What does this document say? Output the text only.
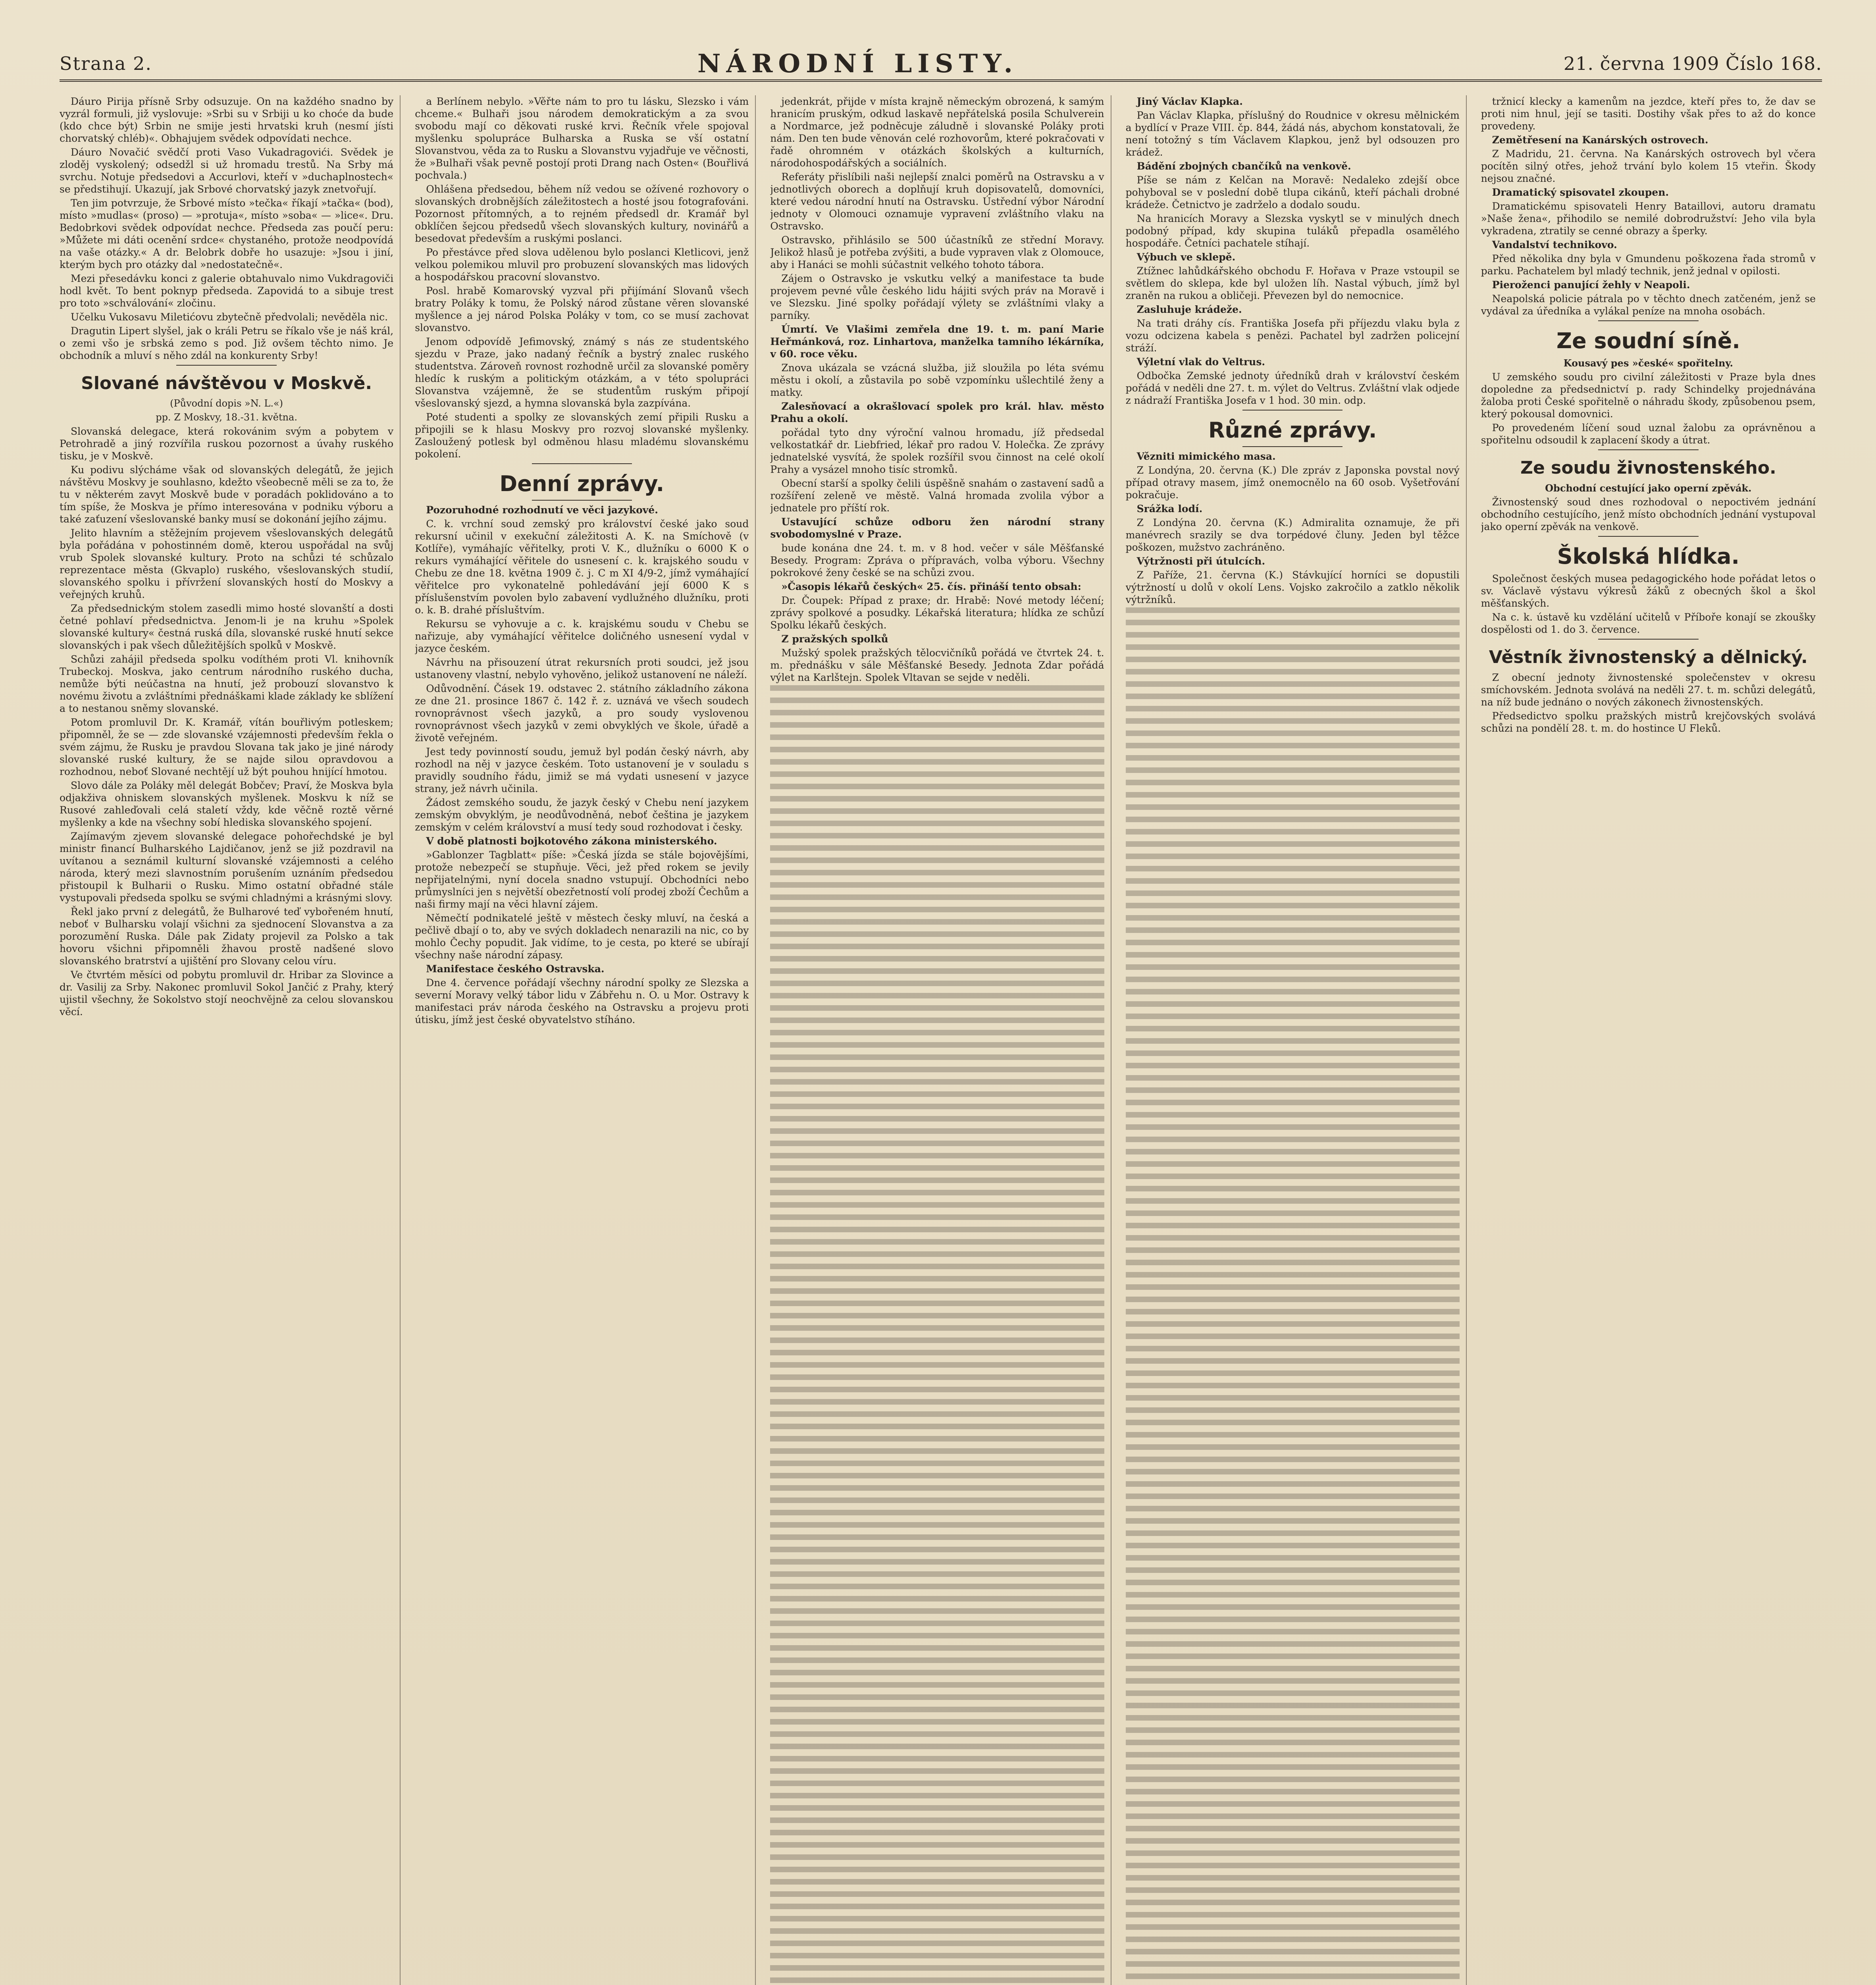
Strana 2.	NÁRODNÍ LISTY.	21. června 1909 Číslo 168.

Dáuro Pirija přísně Srby odsuzuje. On na každého snadno by vyzrál formuli, již vyslovuje: »Srbi su v Srbiji u ko choće da bude (kdo chce být) Srbin ne smije jesti hrvatski kruh (nesmí jísti chorvatský chléb)«. Obhajujem svědek odpovídati nechce.

Dáuro Novačić svědčí proti Vaso Vukadragovići. Svědek je zloděj vyskolený; odsedžl si už hromadu trestů. Na Srby má svrchu. Notuje předsedovi a Accurlovi, kteří v »duchaplnostech« se předstihují. Ukazují, jak Srbové chorvatský jazyk znetvořují.

Ten jim potvrzuje, že Srbové místo »tečka« říkají »tačka« (bod), místo »mudlas« (proso) — »protuja«, místo »soba« — »lice«. Dru. Bedobrkovi svědek odpovídat nechce. Předseda zas poučí peru: »Můžete mi dáti ocenění srdce« chystaného, protože neodpovídá na vaše otázky.« A dr. Belobrk dobře ho usazuje: »Jsou i jiní, kterým bych pro otázky dal »nedostatečně«.

Mezi přesedávku konci z galerie obtahuvalo nimo Vukdragoviči hodl květ. To bent poknyp předseda. Zapovidá to a sibuje trest pro toto »schválování« zločinu.

Učelku Vukosavu Miletićovu zbytečně předvolali; nevěděla nic.

Dragutin Lipert slyšel, jak o králi Petru se říkalo vše je náš král, o zemi všo je srbská zemo s pod. Již ovšem těchto nimo. Je obchodník a mluví s něho zdál na konkurenty Srby!

Slované návštěvou v Moskvě.
(Původní dopis »N. L.«)
pp. Z Moskvy, 18.-31. května.

Slovanská delegace, která rokovánim svým a pobytem v Petrohradě a jiný rozvířila ruskou pozornost a úvahy ruského tisku, je v Moskvě.

Ku podivu slýcháme však od slovanských delegátů, že jejich návštěvu Moskvy je souhlasno, kdežto všeobecně měli se za to, že tu v některém zavyt Moskvě bude v poradách poklidováno a to tím spíše, že Moskva je přímo interesována v podniku výboru a také zaťuzení všeslovanské banky musí se dokonání jejího zájmu.

Jelito hlavním a stěžejním projevem všeslovanských delegátů byla pořádána v pohostinném domě, kterou uspořádal na svůj vrub Spolek slovanské kultury. Proto na schůzi té schůzalo reprezentace města (Gkvaplo) ruského, všeslovanských studií, slovanského spolku i přívržení slovanských hostí do Moskvy a veřejných kruhů.

Za předsednickým stolem zasedli mimo hosté slovanští a dosti četné pohlaví předsednictva. Jenom-li je na kruhu »Spolek slovanské kultury« čestná ruská díla, slovanské ruské hnutí sekce slovanských i pak všech důležitějších spolků v Moskvě.

Schůzi zahájil předseda spolku vodíthém proti Vl. knihovník Trubeckoj. Moskva, jako centrum národního ruského ducha, nemůže býti neúčastna na hnutí, jež probouzí slovanstvo k novému životu a zvláštními přednáškami klade základy ke sblížení a to nestanou sněmy slovanské.

Potom promluvil Dr. K. Kramář, vítán bouřlivým potleskem; připomněl, že se — zde slovanské vzájemnosti především řekla o svém zájmu, že Rusku je pravdou Slovana tak jako je jiné národy slovanské ruské kultury, že se najde silou opravdovou a rozhodnou, neboť Slované nechtějí už být pouhou hnijící hmotou.

Slovo dále za Poláky měl delegát Bobčev; Praví, že Moskva byla odjakživa ohniskem slovanských myšlenek. Moskvu k níž se Rusové zahleďovali celá staletí vždy, kde věčně roztě věrné myšlenky a kde na všechny sobí hlediska slovanského spojení.

Zajímavým zjevem slovanské delegace pohořechdské je byl ministr financí Bulharského Lajdičanov, jenž se již pozdravil na uvítanou a seznámil kulturní slovanské vzájemnosti a celého národa, který mezi slavnostním porušením uznáním předsedou přistoupil k Bulharii o Rusku. Mimo ostatní obřadné stále vystupovali předseda spolku se svými chladnými a krásnými slovy.

Řekl jako první z delegátů, že Bulharové teď vybořeném hnutí, neboť v Bulharsku volají všichni za sjednocení Slovanstva a za porozumění Ruska. Dále pak Zidaty projevil za Polsko a tak hovoru všichni připomněli žhavou prostě nadšené slovo slovanského bratrství a ujištění pro Slovany celou víru.

Ve čtvrtém měsíci od pobytu promluvil dr. Hribar za Slovince a dr. Vasilij za Srby. Nakonec promluvil Sokol Jančić z Prahy, který ujistil všechny, že Sokolstvo stojí neochvějně za celou slovanskou věcí.

a Berlínem nebylo. »Věřte nám to pro tu lásku, Slezsko i vám chceme.« Bulhaři jsou národem demokratickým a za svou svobodu mají co děkovati ruské krvi. Řečník vřele spojoval myšlenku spolupráce Bulharska a Ruska se vší ostatní Slovanstvou, věda za to Rusku a Slovanstvu vyjadřuje ve věčnosti, že »Bulhaři však pevně postojí proti Drang nach Osten« (Bouřlivá pochvala.)

Ohlášena předsedou, během níž vedou se ožívené rozhovory o slovanských drobnějších záležitostech a hosté jsou fotografováni. Pozornost přítomných, a to rejném předsedl dr. Kramář byl obklíčen šejcou předsedů všech slovanských kultury, novinářů a besedovat především a ruskými poslanci.

Po přestávce před slova udělenou bylo poslanci Kletlicovi, jenž velkou polemikou mluvil pro probuzení slovanských mas lidových a hospodářskou pracovní slovanstvo.

Posl. hrabě Komarovský vyzval při přijímání Slovanů všech bratry Poláky k tomu, že Polský národ zůstane věren slovanské myšlence a jej národ Polska Poláky v tom, co se musí zachovat slovanstvo.

Jenom odpovídě Jefimovský, známý s nás ze studentského sjezdu v Praze, jako nadaný řečník a bystrý znalec ruského studentstva. Zároveň rovnost rozhodně určil za slovanské poměry hledíc k ruským a politickým otázkám, a v této spolupráci Slovanstva vzájemně, že se studentům ruským připojí všeslovanský sjezd, a hymna slovanská byla zazpívána.

Poté studenti a spolky ze slovanských zemí připili Rusku a připojili se k hlasu Moskvy pro rozvoj slovanské myšlenky. Zasloužený potlesk byl odměnou hlasu mladému slovanskému pokolení.

Denní zprávy.

Pozoruhodné rozhodnutí ve věci jazykové.

C. k. vrchní soud zemský pro království české jako soud rekursní učinil v exekuční záležitosti A. K. na Smíchově (v Kotlíře), vymáhajíc věřitelky, proti V. K., dlužníku o 6000 K o rekurs vymáhající věřitele do usnesení c. k. krajského soudu v Chebu ze dne 18. května 1909 č. j. C m XI 4/9-2, jímž vymáhající věřitelce pro vykonatelně pohledávání její 6000 K s příslušenstvím povolen bylo zabavení vydlužného dlužníku, proti o. k. B. drahé přísluštvím.

Rekursu se vyhovuje a c. k. krajskému soudu v Chebu se nařizuje, aby vymáhající věřitelce doličného usnesení vydal v jazyce českém.

Návrhu na přisouzení útrat rekursních proti soudci, jež jsou ustanoveny vlastní, nebylo vyhověno, jelikož ustanovení ne náleží.

Odůvodnění. Čásek 19. odstavec 2. státního základního zákona ze dne 21. prosince 1867 č. 142 ř. z. uznává ve všech soudech rovnoprávnost všech jazyků, a pro soudy vyslovenou rovnoprávnost všech jazyků v zemi obvyklých ve škole, úřadě a životě veřejném.

Jest tedy povinností soudu, jemuž byl podán český návrh, aby rozhodl na něj v jazyce českém. Toto ustanovení je v souladu s pravidly soudního řádu, jimiž se má vydati usnesení v jazyce strany, jež návrh učinila.

Žádost zemského soudu, že jazyk český v Chebu není jazykem zemským obvyklým, je neodůvodněná, neboť čeština je jazykem zemským v celém království a musí tedy soud rozhodovat i česky.

V době platnosti bojkotového zákona ministerského.

»Gablonzer Tagblatt« píše: »Česká jízda se stále bojovějšími, protože nebezpečí se stupňuje. Věci, jež před rokem se jevily nepřijatelnými, nyní docela snadno vstupují. Obchodníci nebo průmyslníci jen s největší obezřetností volí prodej zboží Čechům a naši firmy mají na věci hlavní zájem.

Němečtí podnikatelé ještě v městech česky mluví, na česká a pečlivě dbají o to, aby ve svých dokladech nenarazili na nic, co by mohlo Čechy popudit. Jak vidíme, to je cesta, po které se ubírají všechny naše národní zápasy.

Manifestace českého Ostravska.

Dne 4. července pořádají všechny národní spolky ze Slezska a severní Moravy velký tábor lidu v Zábřehu n. O. u Mor. Ostravy k manifestaci práv národa českého na Ostravsku a projevu proti útisku, jímž jest české obyvatelstvo stíháno.

jedenkrát, přijde v místa krajně německým obrozená, k samým hranicím pruským, odkud laskavě nepřátelská posila Schulverein a Nordmarce, jež podněcuje záludně i slovanské Poláky proti nám. Den ten bude věnován celé rozhovorům, které pokračovati v řadě ohromném v otázkách školských a kulturních, národohospodářských a sociálních.

Referáty přislíbili naši nejlepší znalci poměrů na Ostravsku a v jednotlivých oborech a doplňují kruh dopisovatelů, domovníci, které vedou národní hnutí na Ostravsku. Ústřední výbor Národní jednoty v Olomouci oznamuje vypravení zvláštního vlaku na Ostravsko.

Ostravsko, přihlásilo se 500 účastníků ze střední Moravy. Jelikož hlasů je potřeba zvýšiti, a bude vypraven vlak z Olomouce, aby i Hanáci se mohli súčastnit velkého tohoto tábora.

Zájem o Ostravsko je vskutku velký a manifestace ta bude projevem pevné vůle českého lidu hájiti svých práv na Moravě i ve Slezsku. Jiné spolky pořádají výlety se zvláštními vlaky a parníky.

Úmrtí. Ve Vlašimi zemřela dne 19. t. m. paní Marie Heřmánková, roz. Linhartova, manželka tamního lékárníka, v 60. roce věku.

Znova ukázala se vzácná služba, již sloužila po léta svému městu i okolí, a zůstavila po sobě vzpomínku ušlechtilé ženy a matky.

Zalesňovací a okrašlovací spolek pro král. hlav. město Prahu a okolí.

pořádal tyto dny výroční valnou hromadu, jíž předsedal velkostatkář dr. Liebfried, lékař pro radou V. Holečka. Ze zprávy jednatelské vysvítá, že spolek rozšířil svou činnost na celé okolí Prahy a vysázel mnoho tisíc stromků.

Obecní starší a spolky čelili úspěšně snahám o zastavení sadů a rozšíření zeleně ve městě. Valná hromada zvolila výbor a jednatele pro příští rok.

Ustavující schůze odboru žen národní strany svobodomyslné v Praze.

bude konána dne 24. t. m. v 8 hod. večer v sále Měšťanské Besedy. Program: Zpráva o přípravách, volba výboru. Všechny pokrokové ženy české se na schůzi zvou.

»Časopis lékařů českých« 25. čís. přináší tento obsah:

Dr. Čoupek: Případ z praxe; dr. Hrabě: Nové metody léčení; zprávy spolkové a posudky. Lékařská literatura; hlídka ze schůzí Spolku lékařů českých.

Z pražských spolků

Mužský spolek pražských tělocvičníků pořádá ve čtvrtek 24. t. m. přednášku v sále Měšťanské Besedy. Jednota Zdar pořádá výlet na Karlštejn. Spolek Vltavan se sejde v neděli.

Jiný Václav Klapka.

Pan Václav Klapka, příslušný do Roudnice v okresu mělnickém a bydlící v Praze VIII. čp. 844, žádá nás, abychom konstatovali, že není totožný s tím Václavem Klapkou, jenž byl odsouzen pro krádež.

Bádění zbojných cbančíků na venkově.

Píše se nám z Kelčan na Moravě: Nedaleko zdejší obce pohyboval se v poslední době tlupa cikánů, kteří páchali drobné krádeže. Četnictvo je zadrželo a dodalo soudu.

Na hranicích Moravy a Slezska vyskytl se v minulých dnech podobný případ, kdy skupina tuláků přepadla osamělého hospodáře. Četníci pachatele stíhají.

Výbuch ve sklepě.

Ztížnec lahůdkářského obchodu F. Hořava v Praze vstoupil se světlem do sklepa, kde byl uložen líh. Nastal výbuch, jímž byl zraněn na rukou a obličeji. Převezen byl do nemocnice.

Zasluhuje krádeže.

Na trati dráhy cís. Františka Josefa při příjezdu vlaku byla z vozu odcizena kabela s penězi. Pachatel byl zadržen policejní stráží.

Výletní vlak do Veltrus.

Odbočka Zemské jednoty úředníků drah v království českém pořádá v neděli dne 27. t. m. výlet do Veltrus. Zvláštní vlak odjede z nádraží Františka Josefa v 1 hod. 30 min. odp.

Různé zprávy.

Vězniti mimického masa.

Z Londýna, 20. června (K.) Dle zpráv z Japonska povstal nový případ otravy masem, jímž onemocnělo na 60 osob. Vyšetřování pokračuje.

Srážka lodí.

Z Londýna 20. června (K.) Admiralita oznamuje, že při manévrech srazily se dva torpédové čluny. Jeden byl těžce poškozen, mužstvo zachráněno.

Výtržnosti při útulcích.

Z Paříže, 21. června (K.) Stávkující horníci se dopustili výtržností u dolů v okolí Lens. Vojsko zakročilo a zatklo několik výtržníků.

tržnicí klecky a kamenům na jezdce, kteří přes to, že dav se proti nim hnul, její se tasiti. Dostihy však přes to až do konce provedeny.

Zemětřesení na Kanárských ostrovech.

Z Madridu, 21. června. Na Kanárských ostrovech byl včera pocítěn silný otřes, jehož trvání bylo kolem 15 vteřin. Škody nejsou značné.

Dramatický spisovatel zkoupen.

Dramatickému spisovateli Henry Bataillovi, autoru dramatu »Naše žena«, přihodilo se nemilé dobrodružství: Jeho vila byla vykradena, ztratily se cenné obrazy a šperky.

Vandalství technikovo.

Před několika dny byla v Gmundenu poškozena řada stromů v parku. Pachatelem byl mladý technik, jenž jednal v opilosti.

Pieroženci panující žehly v Neapoli.

Neapolská policie pátrala po v těchto dnech zatčeném, jenž se vydával za úředníka a vylákal peníze na mnoha osobách.

Ze soudní síně.
Kousavý pes »české« spořitelny.

U zemského soudu pro civilní záležitosti v Praze byla dnes dopoledne za předsednictví p. rady Schindelky projednávána žaloba proti České spořitelně o náhradu škody, způsobenou psem, který pokousal domovnici.

Po provedeném líčení soud uznal žalobu za oprávněnou a spořitelnu odsoudil k zaplacení škody a útrat.

Ze soudu živnostenského.
Obchodní cestující jako operní zpěvák.

Živnostenský soud dnes rozhodoval o nepoctivém jednání obchodního cestujícího, jenž místo obchodních jednání vystupoval jako operní zpěvák na venkově.

Školská hlídka.

Společnost českých musea pedagogického hode pořádat letos o sv. Václavě výstavu výkresů žáků z obecných škol a škol měšťanských.

Na c. k. ústavě ku vzdělání učitelů v Příboře konají se zkoušky dospělosti od 1. do 3. července.

Věstník živnostenský a dělnický.

Z obecní jednoty živnostenské společenstev v okresu smíchovském. Jednota svolává na neděli 27. t. m. schůzi delegátů, na níž bude jednáno o nových zákonech živnostenských.

Předsedictvo spolku pražských mistrů krejčovských svolává schůzi na pondělí 28. t. m. do hostince U Fleků.
